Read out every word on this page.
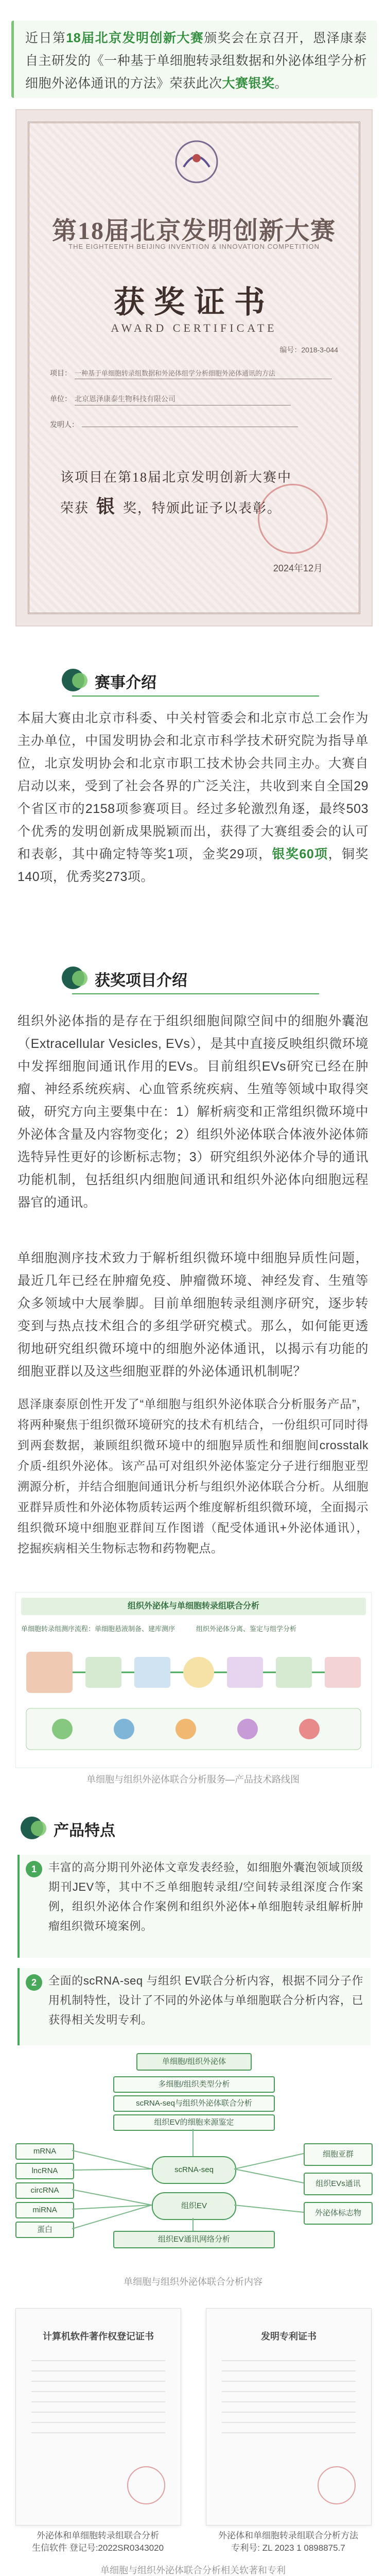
近日第18届北京发明创新大赛颁奖会在京召开，恩泽康泰自主研发的《一种基于单细胞转录组数据和外泌体组学分析细胞外泌体通讯的方法》荣获此次大赛银奖。
第18届北京发明创新大赛
THE EIGHTEENTH BEIJING INVENTION & INNOVATION COMPETITION
获奖证书
AWARD CERTIFICATE
编号：2018-3-044
项目： 一种基于单细胞转录组数据和外泌体组学分析细胞外泌体通讯的方法
单位： 北京恩泽康泰生物科技有限公司
发明人：
该项目在第18届北京发明创新大赛中
荣获 银 奖，特颁此证予以表彰。
2024年12月
赛事介绍
本届大赛由北京市科委、中关村管委会和北京市总工会作为主办单位，中国发明协会和北京市科学技术研究院为指导单位，北京发明协会和北京市职工技术协会共同主办。大赛自启动以来，受到了社会各界的广泛关注，共收到来自全国29个省区市的2158项参赛项目。经过多轮激烈角逐，最终503个优秀的发明创新成果脱颖而出，获得了大赛组委会的认可和表彰，其中确定特等奖1项，金奖29项，银奖60项，铜奖140项，优秀奖273项。
获奖项目介绍
组织外泌体指的是存在于组织细胞间隙空间中的细胞外囊泡（Extracellular Vesicles, EVs），是其中直接反映组织微环境中发挥细胞间通讯作用的EVs。目前组织EVs研究已经在肿瘤、神经系统疾病、心血管系统疾病、生殖等领域中取得突破，研究方向主要集中在：1）解析病变和正常组织微环境中外泌体含量及内容物变化；2）组织外泌体联合体液外泌体筛选特异性更好的诊断标志物；3）研究组织外泌体介导的通讯功能机制，包括组织内细胞间通讯和组织外泌体向细胞远程器官的通讯。
单细胞测序技术致力于解析组织微环境中细胞异质性问题，最近几年已经在肿瘤免疫、肿瘤微环境、神经发育、生殖等众多领域中大展拳脚。目前单细胞转录组测序研究，逐步转变到与热点技术组合的多组学研究模式。那么，如何能更透彻地研究组织微环境中的细胞外泌体通讯，以揭示有功能的细胞亚群以及这些细胞亚群的外泌体通讯机制呢？
恩泽康泰原创性开发了“单细胞与组织外泌体联合分析服务产品”，将两种聚焦于组织微环境研究的技术有机结合，一份组织可同时得到两套数据，兼顾组织微环境中的细胞异质性和细胞间crosstalk介质-组织外泌体。该产品可对组织外泌体鉴定分子进行细胞亚型溯源分析，并结合细胞间通讯分析与组织外泌体联合分析。从细胞亚群异质性和外泌体物质转运两个维度解析组织微环境，全面揭示组织微环境中细胞亚群间互作图谱（配受体通讯+外泌体通讯），挖掘疾病相关生物标志物和药物靶点。
组织外泌体与单细胞转录组联合分析
单细胞转录组测序流程：单细胞悬液制备、建库测序	组织外泌体分离、鉴定与组学分析
单细胞与组织外泌体联合分析服务—产品技术路线图
产品特点
1	丰富的高分期刊外泌体文章发表经验，如细胞外囊泡领域顶级期刊JEV等，其中不乏单细胞转录组/空间转录组深度合作案例，组织外泌体合作案例和组织外泌体+单细胞转录组解析肿瘤组织微环境案例。
2	全面的scRNA-seq 与组织 EV联合分析内容，根据不同分子作用机制特性，设计了不同的外泌体与单细胞联合分析内容，已获得相关发明专利。
单细胞/组织外泌体
多细胞/组织类型分析
scRNA-seq与组织外泌体联合分析
组织EV的细胞来源鉴定
mRNA
lncRNA
circRNA
miRNA
蛋白
scRNA-seq
组织EV
细胞亚群
组织EVs通讯
外泌体标志物
组织EV通讯网络分析
单细胞与组织外泌体联合分析内容
计算机软件著作权登记证书	发明专利证书
外泌体和单细胞转录组联合分析
生信软件 登记号:2022SR0343020
外泌体和单细胞转录组联合分析方法
专利号: ZL 2023 1 0898875.7
单细胞与组织外泌体联合分析相关软著和专利
